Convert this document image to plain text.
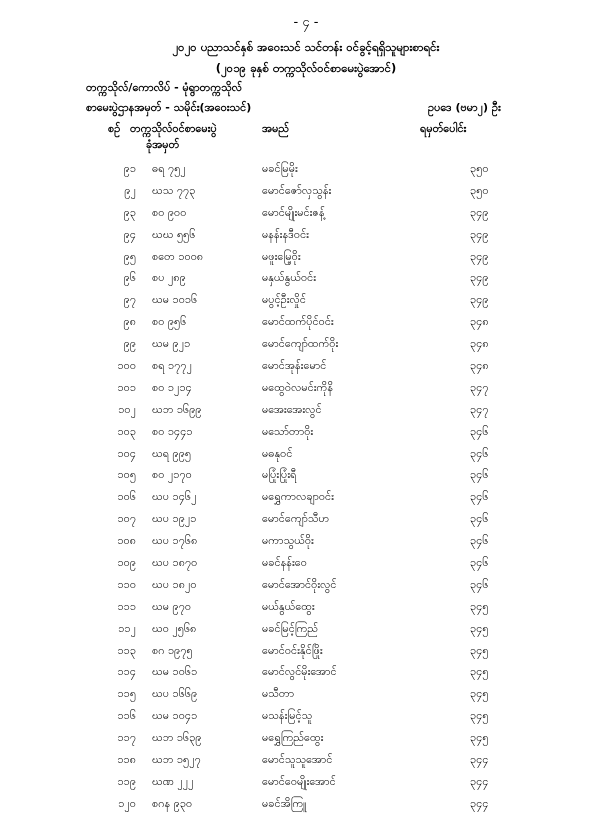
- ၄ -
၂၀၂၀ ပညာသင်နှစ် အဝေးသင် သင်တန်း ဝင်ခွင့်ရရှိသူများစာရင်း
(၂၀၁၉ ခုနှစ် တက္ကသိုလ်ဝင်စာမေးပွဲအောင်)
တက္ကသိုလ်/ကောလိပ် - မုံရွာတက္ကသိုလ်
စာမေးပွဲဌာနအမှတ် - သမိုင်း(အဝေးသင်)	ဥပဒေ (ဗမာ၂) ဦး
စဉ် တက္ကသိုလ်ဝင်စာမေးပွဲ
ခုံအမှတ်
အမည်	ရမှတ်ပေါင်း
၉၁ ဓရ ၇၅၂	မခင်မြမိုး	၃၅၀
၉၂ ဃသ ၇၇၃	မောင်ဇော်လှသွန်း	၃၅၀
၉၃ စဝ ၉၀၀	မောင်မျိုးမင်းဇန့်	၃၄၉
၉၄ ဃဃ ၅၅၆	မနန်းနဒီဝင်း	၃၄၉
၉၅ စတေ ၁၀၀၈	မဖူးမြေ့ဝိုး	၃၄၉
၉၆ စပ ၂၈၉	မနှယ်နွယ်ဝင်း	၃၄၉
၉၇ ဃမ ၁၀၁၆	မပွင့်ဦးလှိုင်	၃၄၉
၉၈ စဝ ၉၅၆	မောင်ထက်ပိုင်ဝင်း	၃၄၈
၉၉ ဃမ ၉၂၁	မောင်ကျော်ထက်ဝိုး	၃၄၈
၁၀၀ စရ ၁၇၇၂	မောင်အုန်းမောင်	၃၄၈
၁၀၁ စဝ ၁၂၁၄	မထွေဝဲလမင်းကိုနိ	၃၄၇
၁၀၂ ဃဘ ၁၆၉၉	မအေးအေးလွင်	၃၄၇
၁၀၃ စဝ ၁၄၄၁	မသော်တာဝိုး	၃၄၆
၁၀၄ ဃရ ၉၉၅	မဓနုဝင်	၃၄၆
၁၀၅ စဝ ၂၁၇၀	မပြုံးပြုံးရီ	၃၄၆
၁၀၆ ဃပ ၁၄၆၂	မရွှေကာလချာဝင်း	၃၄၆
၁၀၇ ဃပ ၁၉၂၁	မောင်ကျော်သီဟ	၃၄၆
၁၀၈ ဃပ ၁၇၆၈	မကာသွယ်ဝိုး	၃၄၆
၁၀၉ ဃပ ၁၈၇၀	မခင်နန်းဝေ	၃၄၆
၁၁၀ ဃပ ၁၈၂၀	မောင်အောင်ဝိုးလွင်	၃၄၆
၁၁၁ ဃမ ၉၇၀	မယ်နွယ်ထွေး	၃၄၅
၁၁၂ ဃဝ ၂၅၆၈	မခင်မြင့်ကြည်	၃၄၅
၁၁၃ စဂ ၁၉၇၅	မောင်ဝင်းနိုင်ဖြိုး	၃၄၅
၁၁၄ ဃမ ၁၀၆၁	မောင်လွင်မိုးအောင်	၃၄၅
၁၁၅ ဃပ ၁၆၆၉	မသီတာ	၃၄၅
၁၁၆ ဃမ ၁၀၄၁	မသန်းမြင့်သူ	၃၄၅
၁၁၇ ဃဘ ၁၆၃၉	မရွှေကြည်ထွေး	၃၄၅
၁၁၈ ဃဘ ၁၅၂၇	မောင်သူသူအောင်	၃၄၄
၁၁၉ ဃဏ ၂၂၂	မောင်ဝေမျိုးအောင်	၃၄၄
၁၂၀ စဂန ၉၃၀	မခင်အိကြူ	၃၄၄
